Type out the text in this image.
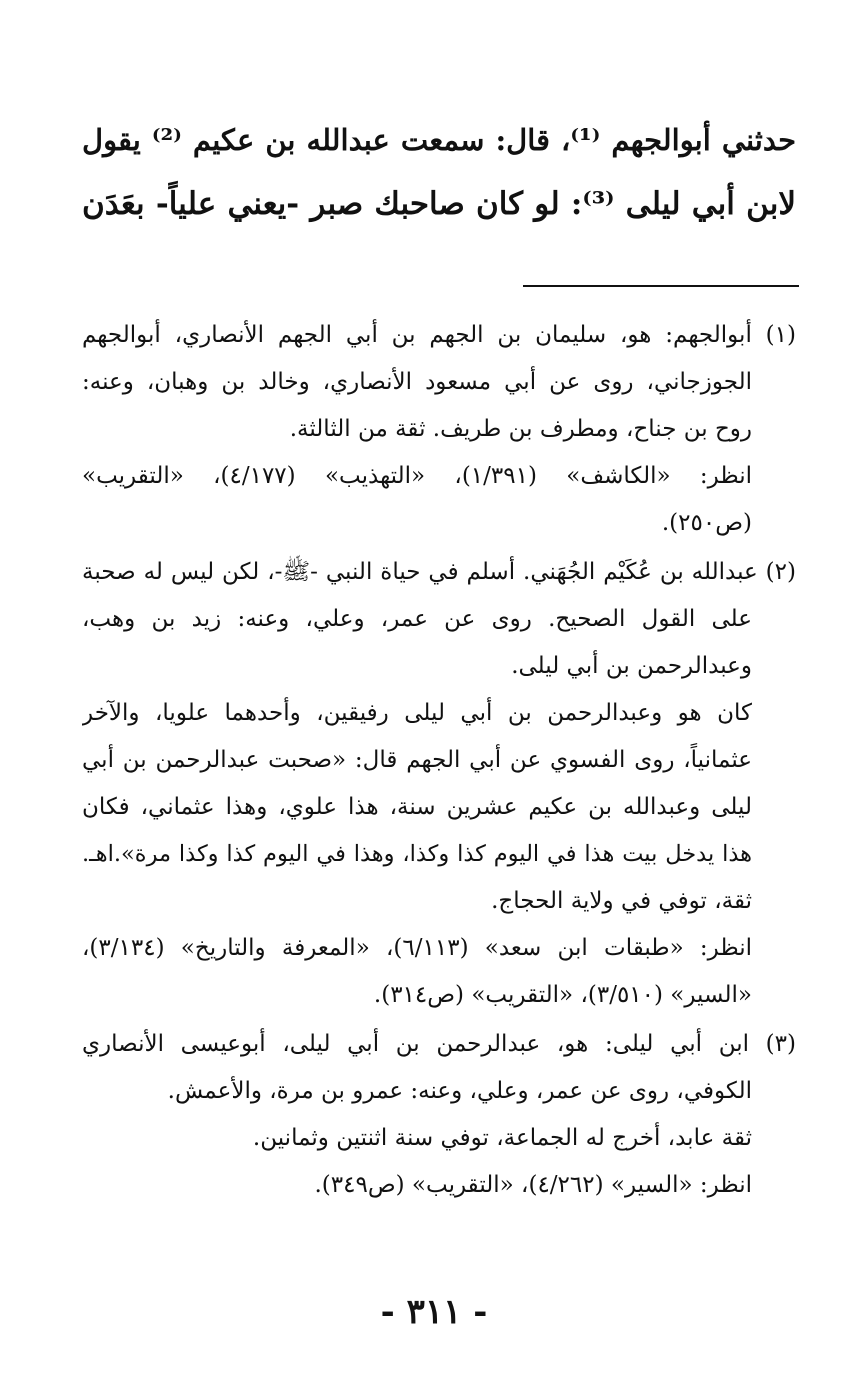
حدثني أبوالجهم ⁽¹⁾، قال: سمعت عبدالله بن عكيم ⁽²⁾ يقول

لابن أبي ليلى ⁽³⁾: لو كان صاحبك صبر -يعني علياً- بعَدَن

(١) أبوالجهم: هو، سليمان بن الجهم بن أبي الجهم الأنصاري، أبوالجهم

الجوزجاني، روى عن أبي مسعود الأنصاري، وخالد بن وهبان، وعنه:

روح بن جناح، ومطرف بن طريف. ثقة من الثالثة.

انظر: «الكاشف» (١/٣٩١)، «التهذيب» (٤/١٧٧)، «التقريب»

(ص٢٥٠).

(٢) عبدالله بن عُكَيْم الجُهَني. أسلم في حياة النبي -ﷺ-، لكن ليس له صحبة

على القول الصحيح. روى عن عمر، وعلي، وعنه: زيد بن وهب،

وعبدالرحمن بن أبي ليلى.

كان هو وعبدالرحمن بن أبي ليلى رفيقين، وأحدهما علويا، والآخر

عثمانياً، روى الفسوي عن أبي الجهم قال: «صحبت عبدالرحمن بن أبي

ليلى وعبدالله بن عكيم عشرين سنة، هذا علوي، وهذا عثماني، فكان

هذا يدخل بيت هذا في اليوم كذا وكذا، وهذا في اليوم كذا وكذا مرة».اهـ.

ثقة، توفي في ولاية الحجاج.

انظر: «طبقات ابن سعد» (٦/١١٣)، «المعرفة والتاريخ» (٣/١٣٤)،

«السير» (٣/٥١٠)، «التقريب» (ص٣١٤).

(٣) ابن أبي ليلى: هو، عبدالرحمن بن أبي ليلى، أبوعيسى الأنصاري

الكوفي، روى عن عمر، وعلي، وعنه: عمرو بن مرة، والأعمش.

ثقة عابد، أخرج له الجماعة، توفي سنة اثنتين وثمانين.

انظر: «السير» (٤/٢٦٢)، «التقريب» (ص٣٤٩).

- ٣١١ -
